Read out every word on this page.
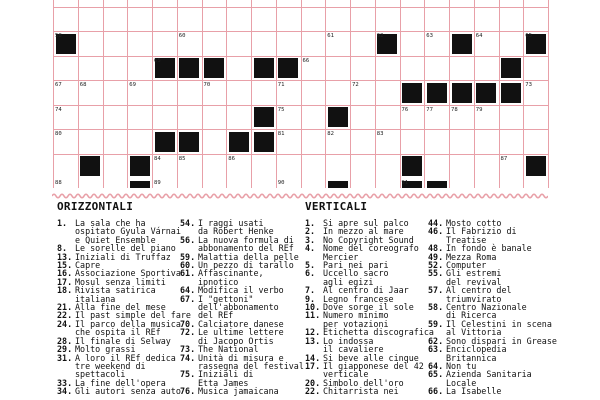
58	60	61	62	63	64	65
65	66
67	68	69	70	71	72	73
74	75	76	77	78	79
80	81	82	83
84	85	86	87
88	89	90	91
ORIZZONTALI	VERTICALI
1. La sala che ha
ospitato Gyula Várnai
e Quiet Ensemble
8. Le sorelle del piano
13. Iniziali di Truffaz
15. Capre
16. Associazione Sportiva
17. Mosul senza limiti
18. Rivista satirica
italiana
21. Alla fine del mese
22. Il past simple del fare
24. Il parco della musica
che ospita il REf
28. Il finale di Selway
29. Molto grassi
31. A loro il REf dedica
tre weekend di
spettacoli
33. La fine dell'opera
34. Gli autori senza auto
54. I raggi usati
da Robert Henke
56. La nuova formula di
abbonamento del REf
59. Malattia della pelle
60. Un pezzo di tarallo
61. Affascinante,
ipnotico
64. Modifica il verbo
67. I "gettoni"
dell'abbonamento
del REf
70. Calciatore danese
72. Le ultime lettere
di Jacopo Ortis
73. The National
74. Unità di misura e
rassegna del festival
75. Iniziali di
Etta James
76. Musica jamaicana
1. Si apre sul palco
2. In mezzo al mare
3. No Copyright Sound
4. Nome del coreografo
Mercier
5. Pari nei pari
6. Uccello sacro
agli egizi
7. Al centro di Jaar
9. Legno francese
10. Dove sorge il sole
11. Numero minimo
per votazioni
12. Etichetta discografica
13. Lo indossa
il cavaliere
14. Si beve alle cinque
17. Il giapponese del 42
verticale
20. Simbolo dell'oro
22. Chitarrista nei
44. Mosto cotto
46. Il Fabrizio di
Treatise
48. In fondo è banale
49. Mezza Roma
52. Computer
55. Gli estremi
del revival
57. Al centro del
triumvirato
58. Centro Nazionale
di Ricerca
59. Il Celestini in scena
al Vittoria
62. Sono dispari in Grease
63. Enciclopedia
Britannica
64. Non tu
65. Azienda Sanitaria
Locale
66. La Isabelle
